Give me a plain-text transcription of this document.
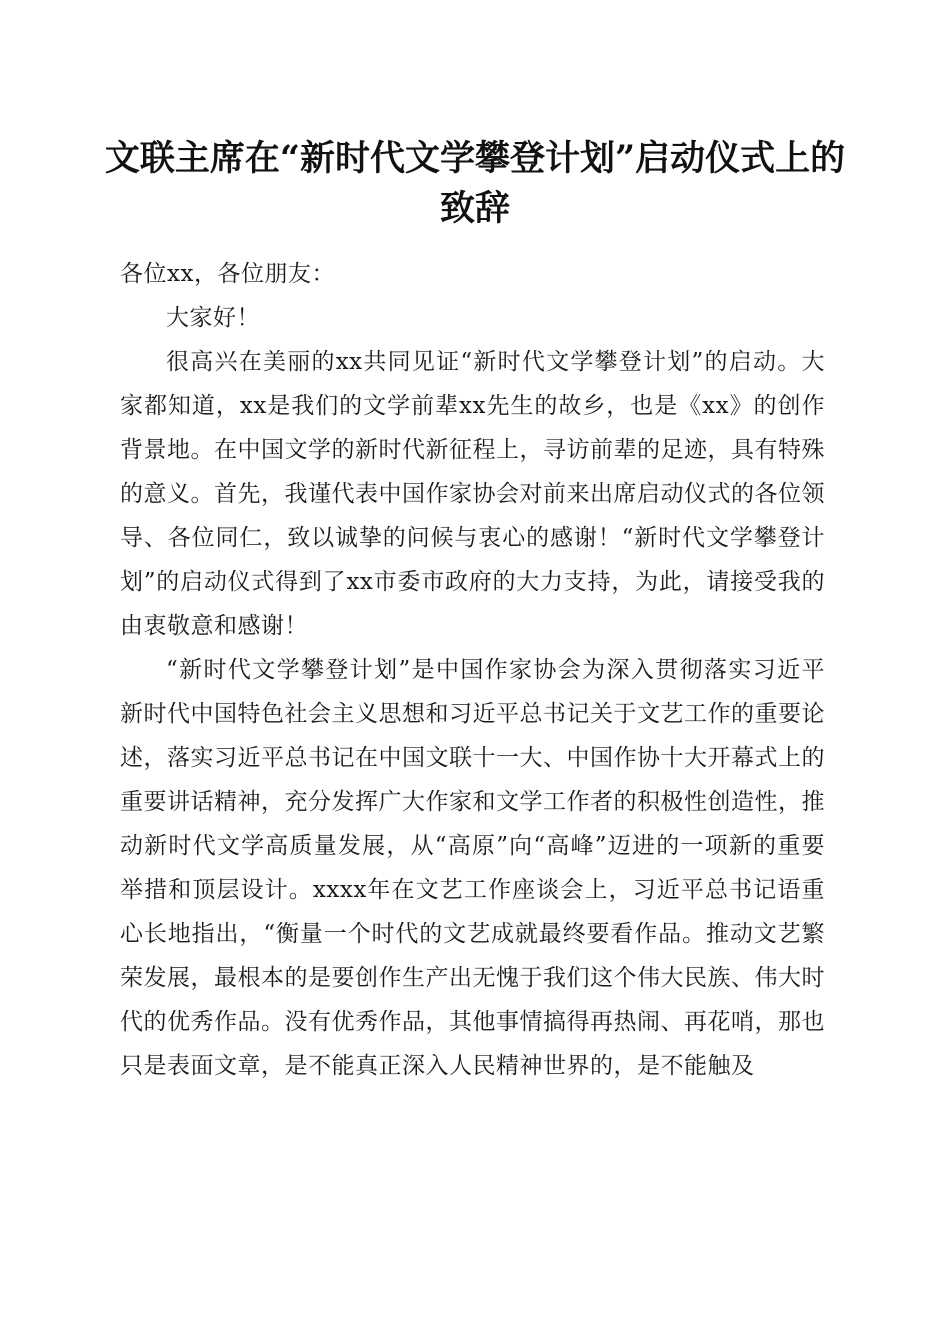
文联主席在“新时代文学攀登计划”启动仪式上的致辞

各位xx，各位朋友：

大家好！

很高兴在美丽的xx共同见证“新时代文学攀登计划”的启动。大家都知道，xx是我们的文学前辈xx先生的故乡，也是《xx》的创作背景地。在中国文学的新时代新征程上，寻访前辈的足迹，具有特殊的意义。首先，我谨代表中国作家协会对前来出席启动仪式的各位领导、各位同仁，致以诚挚的问候与衷心的感谢！“新时代文学攀登计划”的启动仪式得到了xx市委市政府的大力支持，为此，请接受我的由衷敬意和感谢！

“新时代文学攀登计划”是中国作家协会为深入贯彻落实习近平新时代中国特色社会主义思想和习近平总书记关于文艺工作的重要论述，落实习近平总书记在中国文联十一大、中国作协十大开幕式上的重要讲话精神，充分发挥广大作家和文学工作者的积极性创造性，推动新时代文学高质量发展，从“高原”向“高峰”迈进的一项新的重要举措和顶层设计。xxxx年在文艺工作座谈会上，习近平总书记语重心长地指出，“衡量一个时代的文艺成就最终要看作品。推动文艺繁荣发展，最根本的是要创作生产出无愧于我们这个伟大民族、伟大时代的优秀作品。没有优秀作品，其他事情搞得再热闹、再花哨，那也只是表面文章，是不能真正深入人民精神世界的，是不能触及
